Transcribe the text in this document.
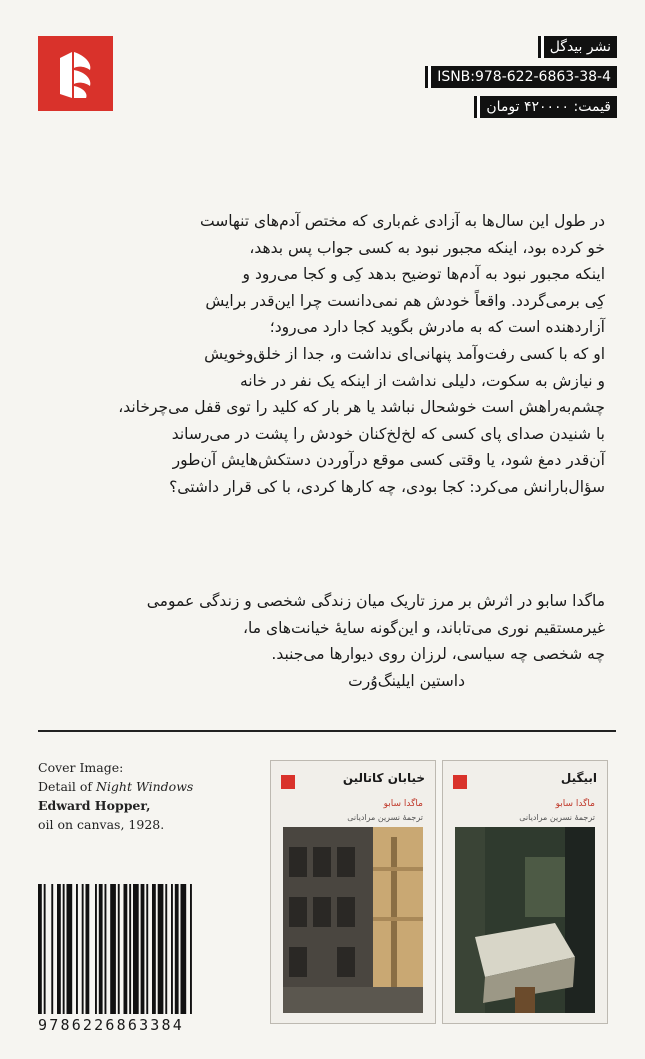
نشر بیدگل
ISNB:978-622-6863-38-4
قیمت: ۴۲۰۰۰۰ تومان

در طول این سال‌ها به آزادی غم‌باری که مختص آدم‌های تنهاست

خو کرده بود، اینکه مجبور نبود به کسی جواب پس بدهد،

اینکه مجبور نبود به آدم‌ها توضیح بدهد کِی و کجا می‌رود و

کِی برمی‌گردد. واقعاً خودش هم نمی‌دانست چرا این‌قدر برایش

آزاردهنده است که به مادرش بگوید کجا دارد می‌رود؛

او که با کسی رفت‌وآمد پنهانی‌ای نداشت و، جدا از خلق‌وخویش

و نیازش به سکوت، دلیلی نداشت از اینکه یک نفر در خانه

چشم‌به‌راهش است خوشحال نباشد یا هر بار که کلید را توی قفل می‌چرخاند،

با شنیدن صدای پای کسی که لخ‌لخ‌کنان خودش را پشت در می‌رساند

آن‌قدر دمغ شود، یا وقتی کسی موقع درآوردن دستکش‌هایش آن‌طور

سؤال‌بارانش می‌کرد: کجا بودی، چه کارها کردی، با کی قرار داشتی؟

ماگدا سابو در اثرش بر مرز تاریک میان زندگی شخصی و زندگی عمومی

غیرمستقیم نوری می‌تاباند، و این‌گونه سایهٔ خیانت‌های ما،

چه شخصی چه سیاسی، لرزان روی دیوارها می‌جنبد.

داستین ایلینگ‌وُرت

Cover Image:
Detail of Night Windows
Edward Hopper,
oil on canvas, 1928.
9786226863384
خیابان کاتالین
ماگدا سابو
ترجمهٔ نسرین مرادیانی
ابیگیل
ماگدا سابو
ترجمهٔ نسرین مرادیانی
